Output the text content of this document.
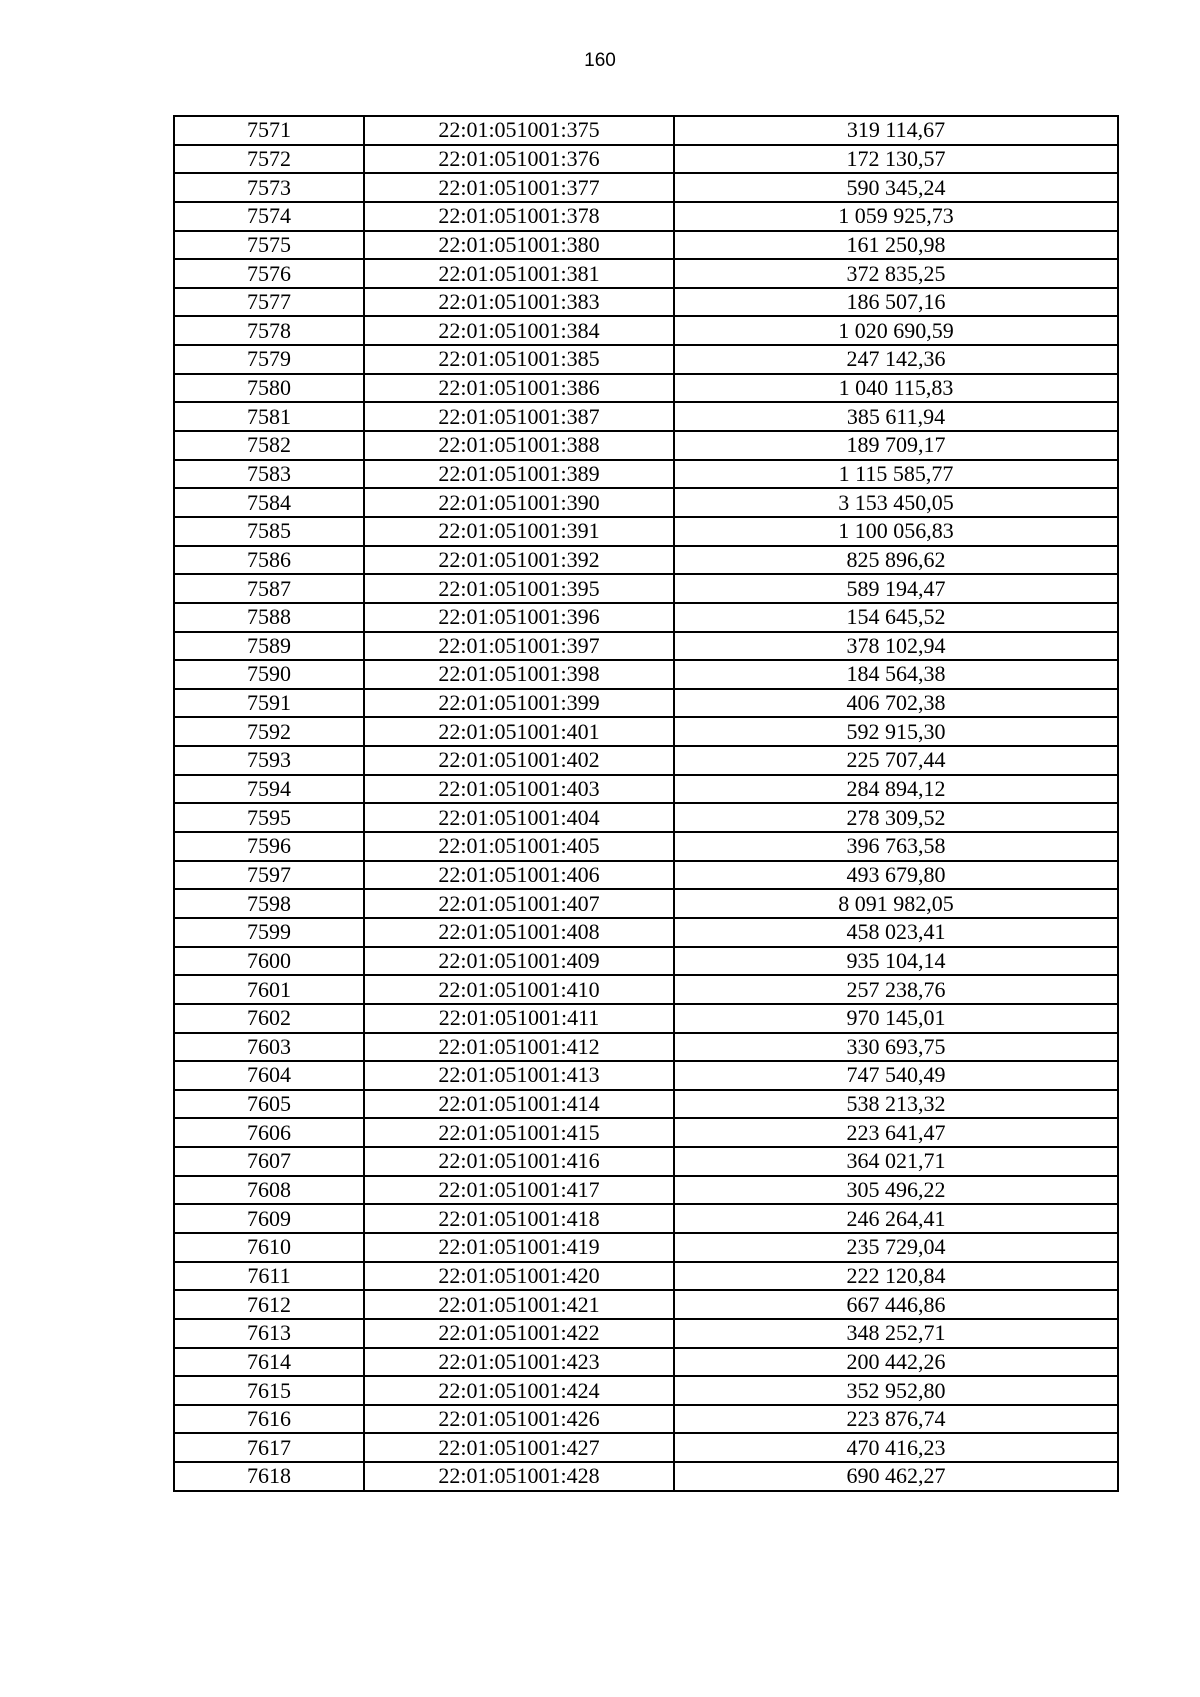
160
7571	22:01:051001:375	319 114,67
7572	22:01:051001:376	172 130,57
7573	22:01:051001:377	590 345,24
7574	22:01:051001:378	1 059 925,73
7575	22:01:051001:380	161 250,98
7576	22:01:051001:381	372 835,25
7577	22:01:051001:383	186 507,16
7578	22:01:051001:384	1 020 690,59
7579	22:01:051001:385	247 142,36
7580	22:01:051001:386	1 040 115,83
7581	22:01:051001:387	385 611,94
7582	22:01:051001:388	189 709,17
7583	22:01:051001:389	1 115 585,77
7584	22:01:051001:390	3 153 450,05
7585	22:01:051001:391	1 100 056,83
7586	22:01:051001:392	825 896,62
7587	22:01:051001:395	589 194,47
7588	22:01:051001:396	154 645,52
7589	22:01:051001:397	378 102,94
7590	22:01:051001:398	184 564,38
7591	22:01:051001:399	406 702,38
7592	22:01:051001:401	592 915,30
7593	22:01:051001:402	225 707,44
7594	22:01:051001:403	284 894,12
7595	22:01:051001:404	278 309,52
7596	22:01:051001:405	396 763,58
7597	22:01:051001:406	493 679,80
7598	22:01:051001:407	8 091 982,05
7599	22:01:051001:408	458 023,41
7600	22:01:051001:409	935 104,14
7601	22:01:051001:410	257 238,76
7602	22:01:051001:411	970 145,01
7603	22:01:051001:412	330 693,75
7604	22:01:051001:413	747 540,49
7605	22:01:051001:414	538 213,32
7606	22:01:051001:415	223 641,47
7607	22:01:051001:416	364 021,71
7608	22:01:051001:417	305 496,22
7609	22:01:051001:418	246 264,41
7610	22:01:051001:419	235 729,04
7611	22:01:051001:420	222 120,84
7612	22:01:051001:421	667 446,86
7613	22:01:051001:422	348 252,71
7614	22:01:051001:423	200 442,26
7615	22:01:051001:424	352 952,80
7616	22:01:051001:426	223 876,74
7617	22:01:051001:427	470 416,23
7618	22:01:051001:428	690 462,27
